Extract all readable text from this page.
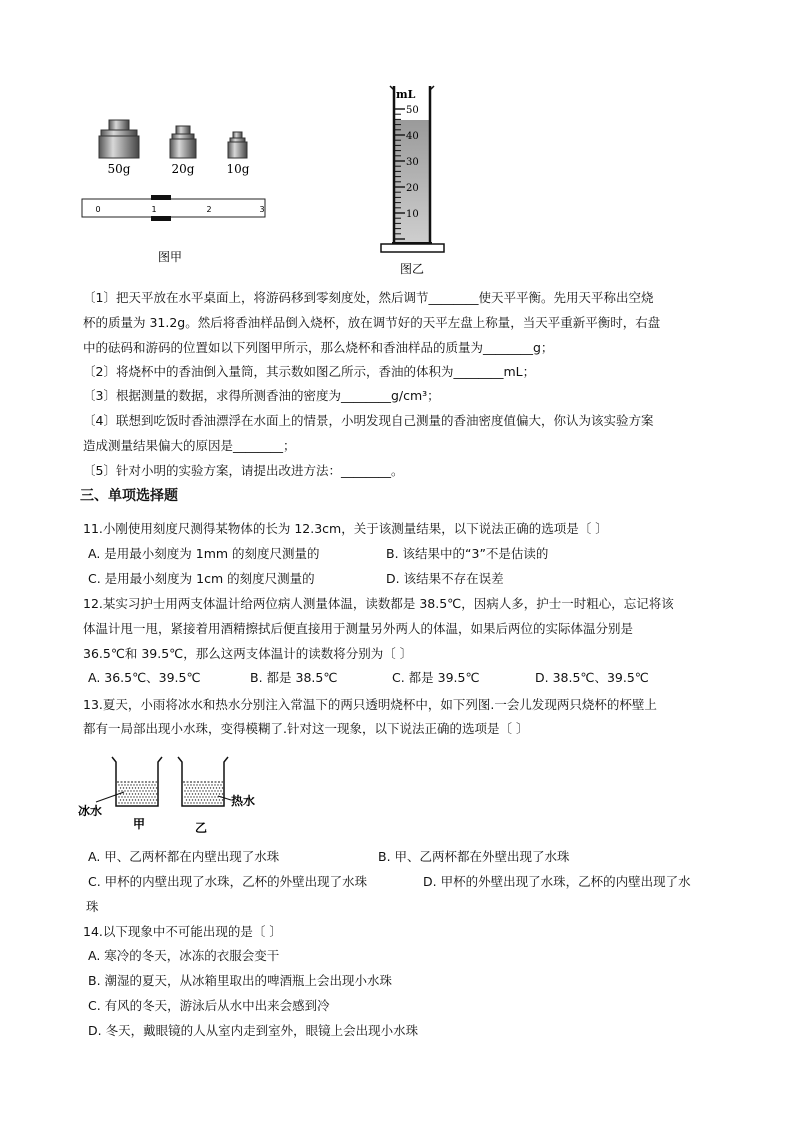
50g	20g	10g
0	1	2	3
图甲
mL
50
40
30
20
10
图乙
〔1〕把天平放在水平桌面上，将游码移到零刻度处，然后调节________使天平平衡。先用天平称出空烧
杯的质量为 31.2g。然后将香油样品倒入烧杯，放在调节好的天平左盘上称量，当天平重新平衡时，右盘
中的砝码和游码的位置如以下列图甲所示，那么烧杯和香油样品的质量为________g；
〔2〕将烧杯中的香油倒入量筒，其示数如图乙所示，香油的体积为________mL；
〔3〕根据测量的数据，求得所测香油的密度为________g/cm³；
〔4〕联想到吃饭时香油漂浮在水面上的情景，小明发现自己测量的香油密度值偏大，你认为该实验方案
造成测量结果偏大的原因是________；
〔5〕针对小明的实验方案，请提出改进方法：________。
三、单项选择题
11.小刚使用刻度尺测得某物体的长为 12.3cm，关于该测量结果，以下说法正确的选项是〔 〕
A. 是用最小刻度为 1mm 的刻度尺测量的	B. 该结果中的“3”不是估读的
C. 是用最小刻度为 1cm 的刻度尺测量的	D. 该结果不存在误差
12.某实习护士用两支体温计给两位病人测量体温，读数都是 38.5℃，因病人多，护士一时粗心，忘记将该
体温计甩一甩，紧接着用酒精擦拭后便直接用于测量另外两人的体温，如果后两位的实际体温分别是
36.5℃和 39.5℃，那么这两支体温计的读数将分别为〔 〕
A. 36.5℃、39.5℃	B. 都是 38.5℃	C. 都是 39.5℃	D. 38.5℃、39.5℃
13.夏天，小雨将冰水和热水分别注入常温下的两只透明烧杯中，如下列图.一会儿发现两只烧杯的杯壁上
都有一局部出现小水珠，变得模糊了.针对这一现象，以下说法正确的选项是〔 〕
冰水
热水
甲	乙
A. 甲、乙两杯都在内壁出现了水珠	B. 甲、乙两杯都在外壁出现了水珠
C. 甲杯的内壁出现了水珠，乙杯的外壁出现了水珠	D. 甲杯的外壁出现了水珠，乙杯的内壁出现了水
珠
14.以下现象中不可能出现的是〔 〕
A. 寒冷的冬天，冰冻的衣服会变干
B. 潮湿的夏天，从冰箱里取出的啤酒瓶上会出现小水珠
C. 有风的冬天，游泳后从水中出来会感到冷
D. 冬天，戴眼镜的人从室内走到室外，眼镜上会出现小水珠
